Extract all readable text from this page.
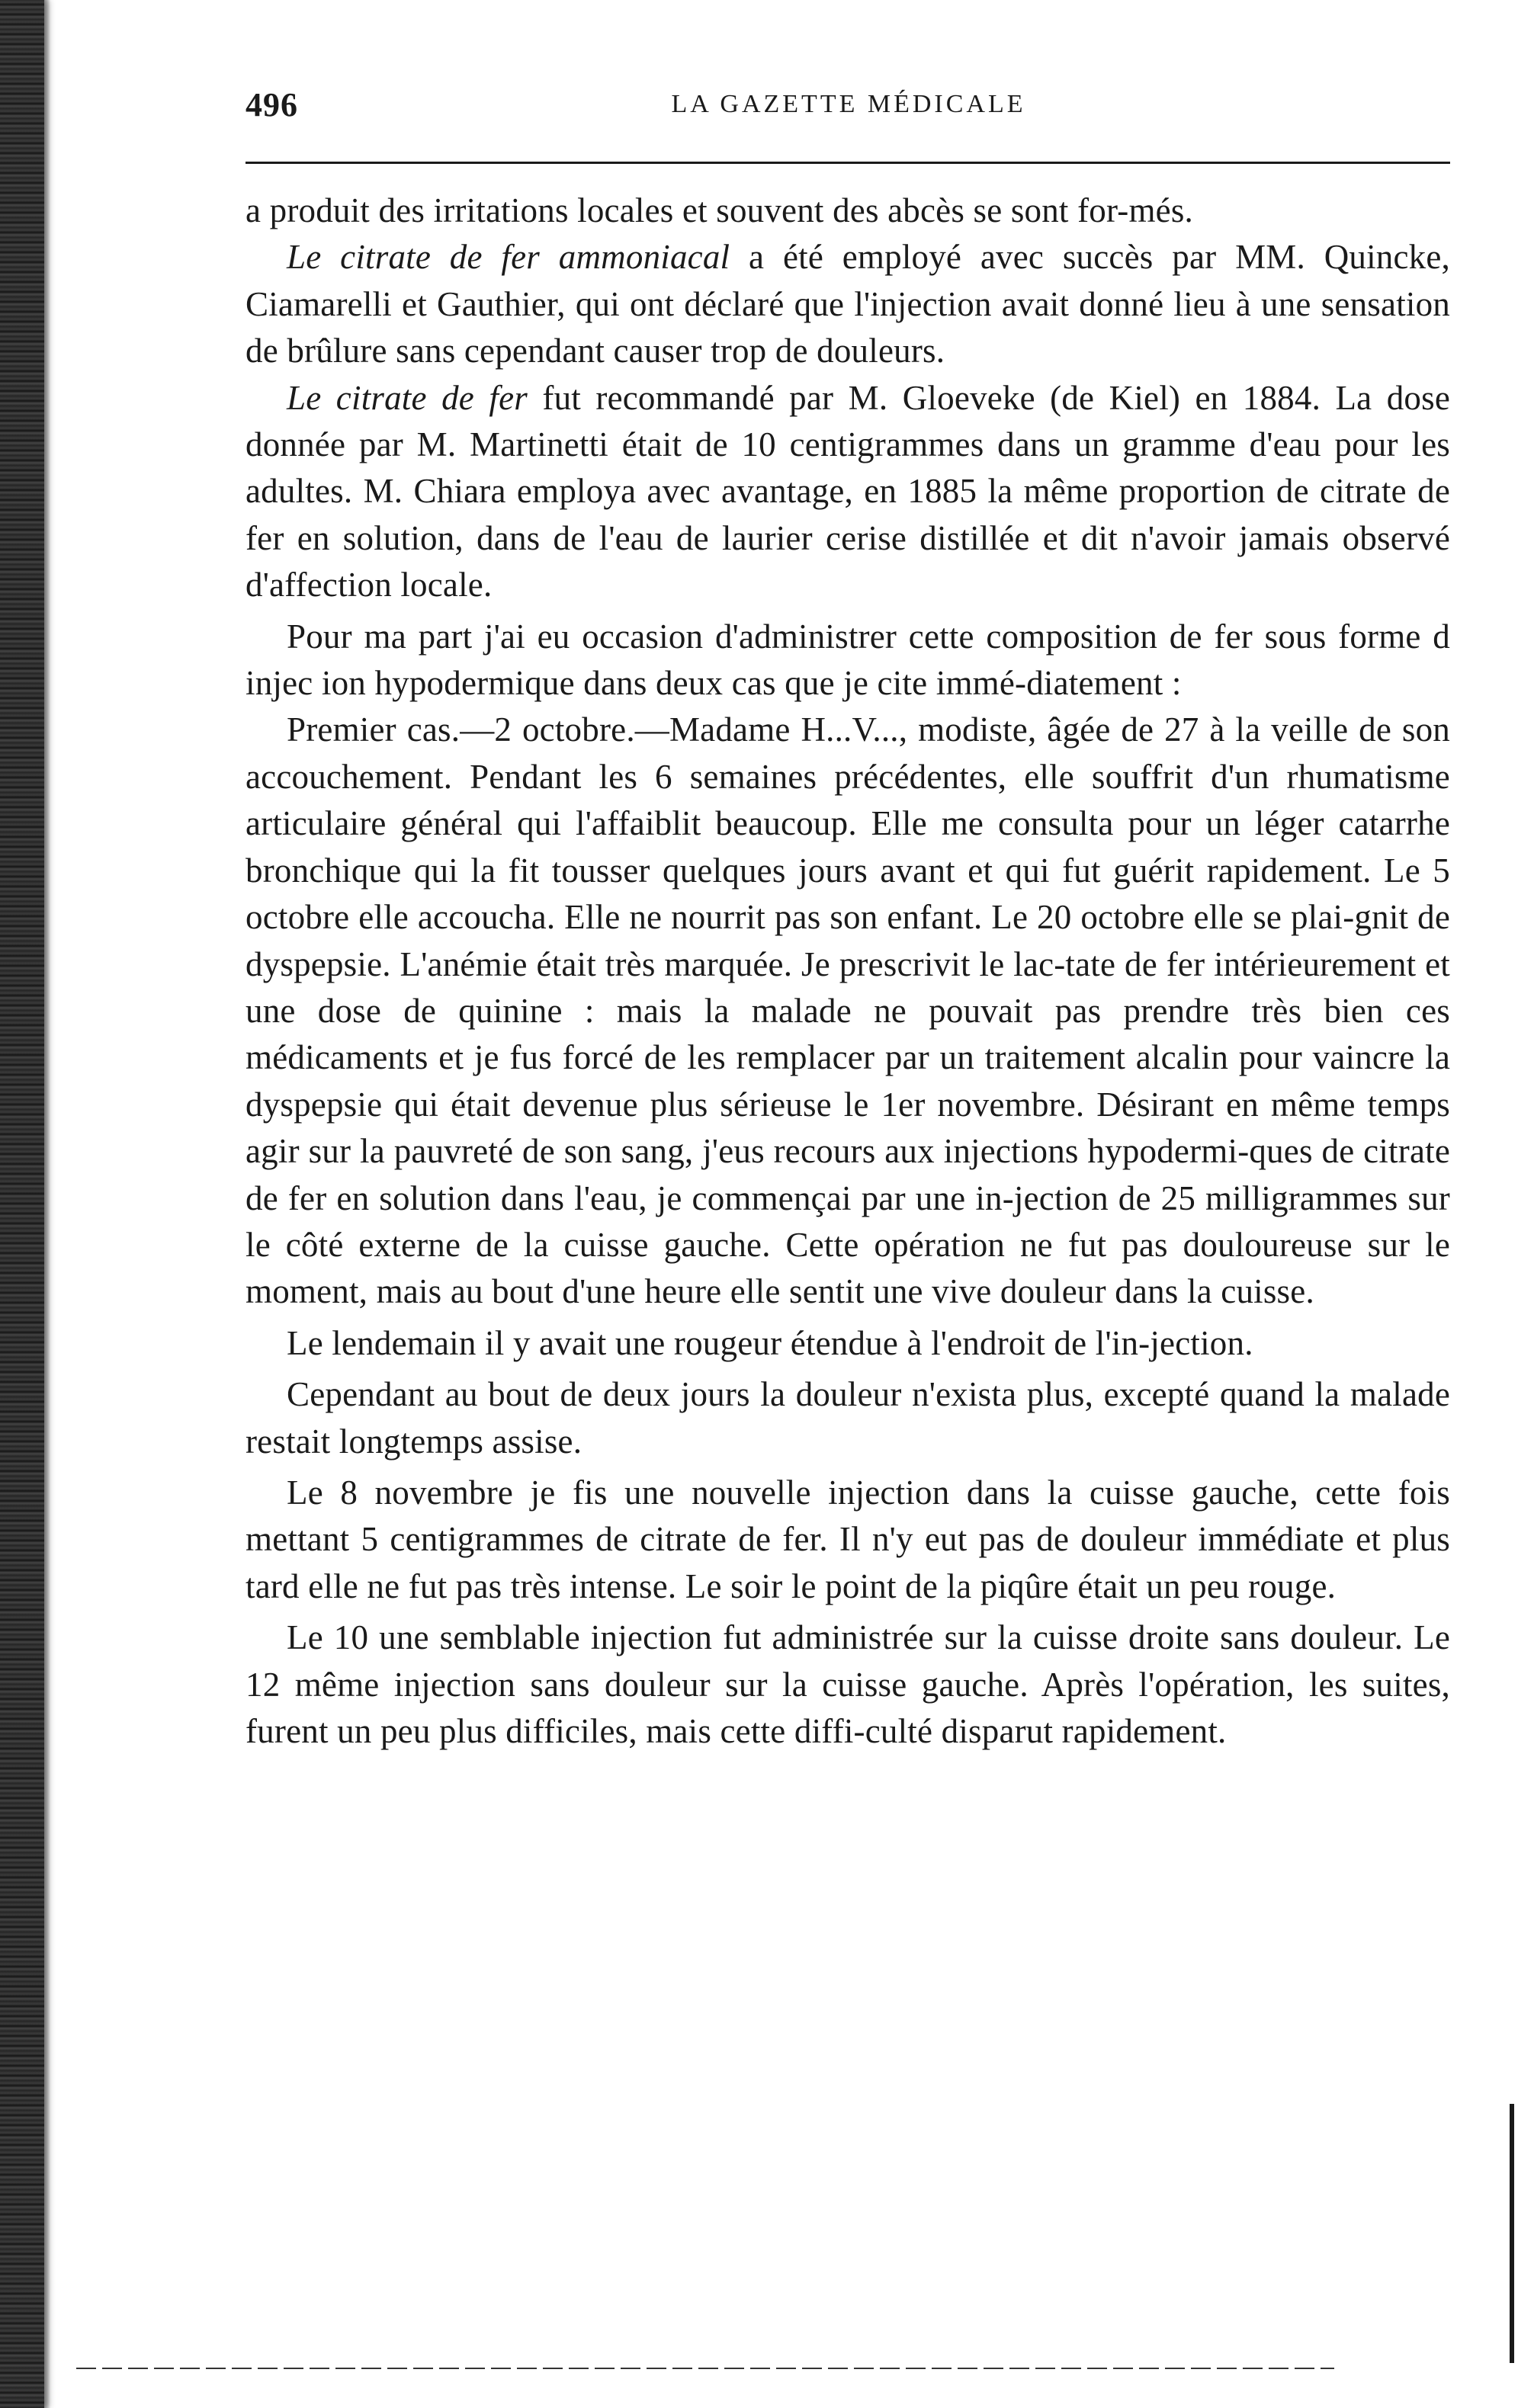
496	LA GAZETTE MÉDICALE

a produit des irritations locales et souvent des abcès se sont for-més.

Le citrate de fer ammoniacal a été employé avec succès par MM. Quincke, Ciamarelli et Gauthier, qui ont déclaré que l'injection avait donné lieu à une sensation de brûlure sans cependant causer trop de douleurs.

Le citrate de fer fut recommandé par M. Gloeveke (de Kiel) en 1884. La dose donnée par M. Martinetti était de 10 centigrammes dans un gramme d'eau pour les adultes. M. Chiara employa avec avantage, en 1885 la même proportion de citrate de fer en solution, dans de l'eau de laurier cerise distillée et dit n'avoir jamais observé d'affection locale.

Pour ma part j'ai eu occasion d'administrer cette composition de fer sous forme d injec ion hypodermique dans deux cas que je cite immé-diatement :

Premier cas.—2 octobre.—Madame H...V..., modiste, âgée de 27 à la veille de son accouchement. Pendant les 6 semaines précédentes, elle souffrit d'un rhumatisme articulaire général qui l'affaiblit beaucoup. Elle me consulta pour un léger catarrhe bronchique qui la fit tousser quelques jours avant et qui fut guérit rapidement. Le 5 octobre elle accoucha. Elle ne nourrit pas son enfant. Le 20 octobre elle se plai-gnit de dyspepsie. L'anémie était très marquée. Je prescrivit le lac-tate de fer intérieurement et une dose de quinine : mais la malade ne pouvait pas prendre très bien ces médicaments et je fus forcé de les remplacer par un traitement alcalin pour vaincre la dyspepsie qui était devenue plus sérieuse le 1er novembre. Désirant en même temps agir sur la pauvreté de son sang, j'eus recours aux injections hypodermi-ques de citrate de fer en solution dans l'eau, je commençai par une in-jection de 25 milligrammes sur le côté externe de la cuisse gauche. Cette opération ne fut pas douloureuse sur le moment, mais au bout d'une heure elle sentit une vive douleur dans la cuisse.

Le lendemain il y avait une rougeur étendue à l'endroit de l'in-jection.

Cependant au bout de deux jours la douleur n'exista plus, excepté quand la malade restait longtemps assise.

Le 8 novembre je fis une nouvelle injection dans la cuisse gauche, cette fois mettant 5 centigrammes de citrate de fer. Il n'y eut pas de douleur immédiate et plus tard elle ne fut pas très intense. Le soir le point de la piqûre était un peu rouge.

Le 10 une semblable injection fut administrée sur la cuisse droite sans douleur. Le 12 même injection sans douleur sur la cuisse gauche. Après l'opération, les suites, furent un peu plus difficiles, mais cette diffi-culté disparut rapidement.
